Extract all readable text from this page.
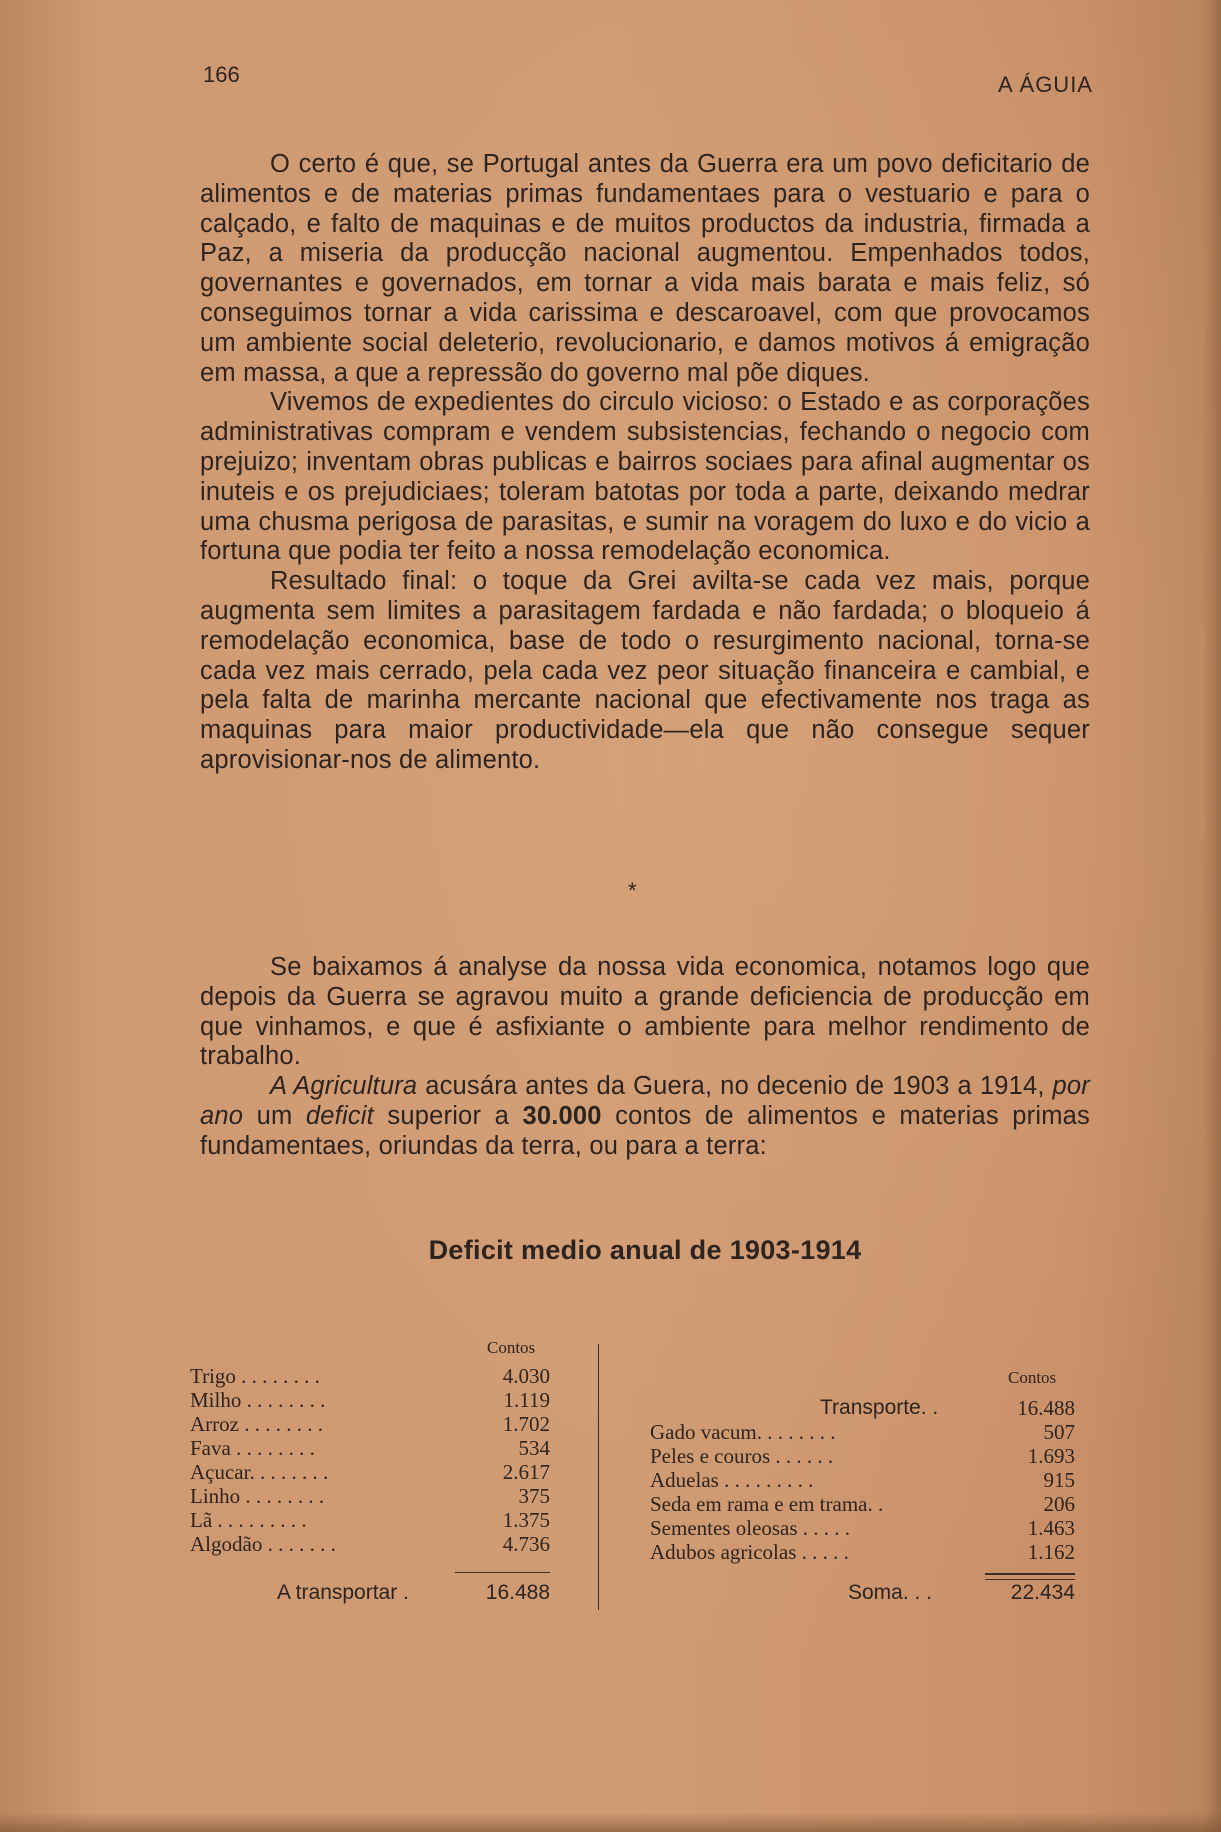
166	A ÁGUIA

O certo é que, se Portugal antes da Guerra era um povo deficitario de alimentos e de materias primas fundamentaes para o vestuario e para o calçado, e falto de maquinas e de muitos productos da industria, firmada a Paz, a miseria da producção nacional augmentou. Empenhados todos, governantes e governados, em tornar a vida mais barata e mais feliz, só conseguimos tornar a vida carissima e descaroavel, com que provocamos um ambiente social deleterio, revolucionario, e damos motivos á emigração em massa, a que a repressão do governo mal põe diques.

Vivemos de expedientes do circulo vicioso: o Estado e as corporações administrativas compram e vendem subsistencias, fechando o negocio com prejuizo; inventam obras publicas e bairros sociaes para afinal augmentar os inuteis e os prejudiciaes; toleram batotas por toda a parte, deixando medrar uma chusma perigosa de parasitas, e sumir na voragem do luxo e do vicio a fortuna que podia ter feito a nossa remodelação economica.

Resultado final: o toque da Grei avilta-se cada vez mais, porque augmenta sem limites a parasitagem fardada e não fardada; o bloqueio á remodelação economica, base de todo o resurgimento nacional, torna-se cada vez mais cerrado, pela cada vez peor situação financeira e cambial, e pela falta de marinha mercante nacional que efectivamente nos traga as maquinas para maior productividade—ela que não consegue sequer aprovisionar-nos de alimento.

*

Se baixamos á analyse da nossa vida economica, notamos logo que depois da Guerra se agravou muito a grande deficiencia de producção em que vinhamos, e que é asfixiante o ambiente para melhor rendimento de trabalho.

A Agricultura acusára antes da Guera, no decenio de 1903 a 1914, por ano um deficit superior a 30.000 contos de alimentos e materias primas fundamentaes, oriundas da terra, ou para a terra:

Deficit medio anual de 1903-1914
Contos
Trigo . . . . . . . .	4.030
Milho . . . . . . . .	1.119
Arroz . . . . . . . .	1.702
Fava . . . . . . . .	534
Açucar. . . . . . . .	2.617
Linho . . . . . . . .	375
Lã . . . . . . . . .	1.375
Algodão . . . . . . .	4.736
A transportar .	16.488
Contos
Transporte. .	16.488
Gado vacum. . . . . . . .	507
Peles e couros . . . . . .	1.693
Aduelas . . . . . . . . .	915
Seda em rama e em trama. .	206
Sementes oleosas . . . . .	1.463
Adubos agricolas . . . . .	1.162
Soma. . .	22.434
